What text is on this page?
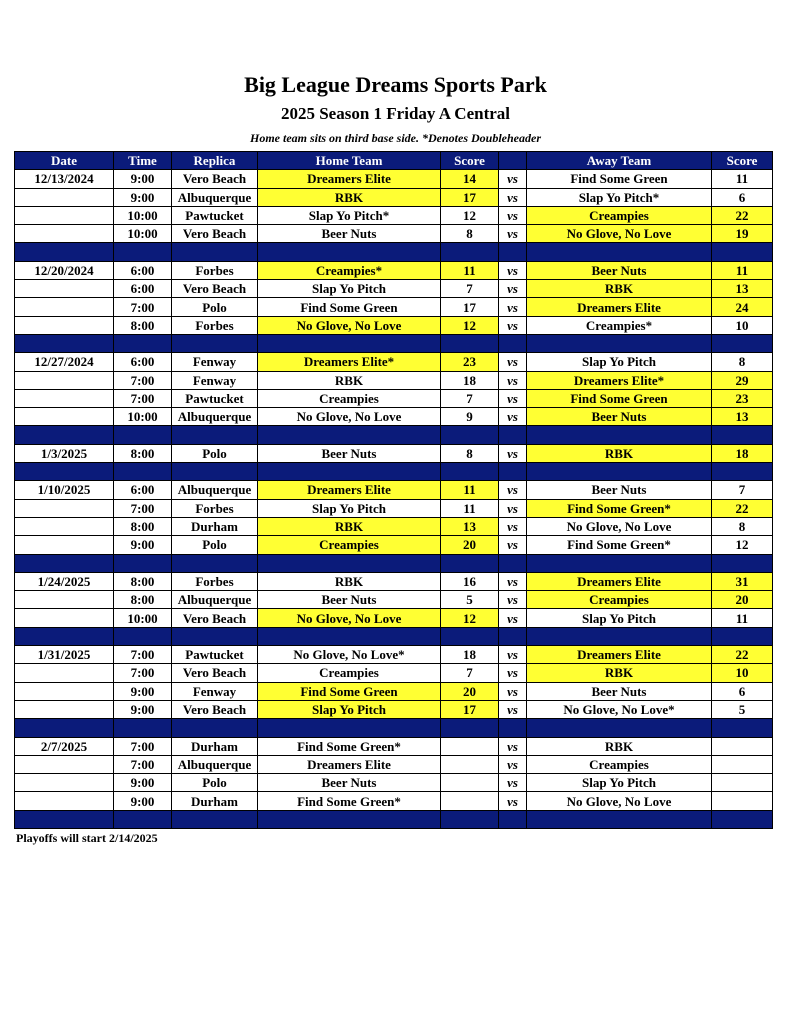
Big League Dreams Sports Park
2025 Season 1 Friday A Central
Home team sits on third base side. *Denotes Doubleheader
Date	Time	Replica	Home Team	Score		Away Team	Score
12/13/2024	9:00	Vero Beach	Dreamers Elite	14	vs	Find Some Green	11
	9:00	Albuquerque	RBK	17	vs	Slap Yo Pitch*	6
	10:00	Pawtucket	Slap Yo Pitch*	12	vs	Creampies	22
	10:00	Vero Beach	Beer Nuts	8	vs	No Glove, No Love	19

12/20/2024	6:00	Forbes	Creampies*	11	vs	Beer Nuts	11
	6:00	Vero Beach	Slap Yo Pitch	7	vs	RBK	13
	7:00	Polo	Find Some Green	17	vs	Dreamers Elite	24
	8:00	Forbes	No Glove, No Love	12	vs	Creampies*	10

12/27/2024	6:00	Fenway	Dreamers Elite*	23	vs	Slap Yo Pitch	8
	7:00	Fenway	RBK	18	vs	Dreamers Elite*	29
	7:00	Pawtucket	Creampies	7	vs	Find Some Green	23
	10:00	Albuquerque	No Glove, No Love	9	vs	Beer Nuts	13

1/3/2025	8:00	Polo	Beer Nuts	8	vs	RBK	18

1/10/2025	6:00	Albuquerque	Dreamers Elite	11	vs	Beer Nuts	7
	7:00	Forbes	Slap Yo Pitch	11	vs	Find Some Green*	22
	8:00	Durham	RBK	13	vs	No Glove, No Love	8
	9:00	Polo	Creampies	20	vs	Find Some Green*	12

1/24/2025	8:00	Forbes	RBK	16	vs	Dreamers Elite	31
	8:00	Albuquerque	Beer Nuts	5	vs	Creampies	20
	10:00	Vero Beach	No Glove, No Love	12	vs	Slap Yo Pitch	11

1/31/2025	7:00	Pawtucket	No Glove, No Love*	18	vs	Dreamers Elite	22
	7:00	Vero Beach	Creampies	7	vs	RBK	10
	9:00	Fenway	Find Some Green	20	vs	Beer Nuts	6
	9:00	Vero Beach	Slap Yo Pitch	17	vs	No Glove, No Love*	5

2/7/2025	7:00	Durham	Find Some Green*		vs	RBK	
	7:00	Albuquerque	Dreamers Elite		vs	Creampies	
	9:00	Polo	Beer Nuts		vs	Slap Yo Pitch	
	9:00	Durham	Find Some Green*		vs	No Glove, No Love	

Playoffs will start 2/14/2025
